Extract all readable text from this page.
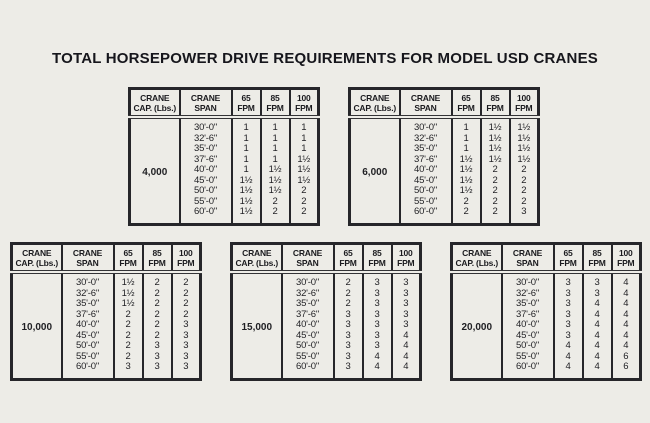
TOTAL HORSEPOWER DRIVE REQUIREMENTS FOR MODEL USD CRANES
CRANE
CAP. (Lbs.)

CRANE
SPAN

65
FPM

85
FPM

100
FPM

4,000	30'-0"	1	1	1
	32'-6"	1	1	1
	35'-0"	1	1	1
	37'-6"	1	1	1½
	40'-0"	1	1½	1½
	45'-0"	1½	1½	1½
	50'-0"	1½	1½	2
	55'-0"	1½	2	2
	60'-0"	1½	2	2
CRANE
CAP. (Lbs.)

CRANE
SPAN

65
FPM

85
FPM

100
FPM

6,000	30'-0"	1	1½	1½
	32'-6"	1	1½	1½
	35'-0"	1	1½	1½
	37'-6"	1½	1½	1½
	40'-0"	1½	2	2
	45'-0"	1½	2	2
	50'-0"	1½	2	2
	55'-0"	2	2	2
	60'-0"	2	2	3
CRANE
CAP. (Lbs.)

CRANE
SPAN

65
FPM

85
FPM

100
FPM

10,000	30'-0"	1½	2	2
	32'-6"	1½	2	2
	35'-0"	1½	2	2
	37'-6"	2	2	2
	40'-0"	2	2	3
	45'-0"	2	2	3
	50'-0"	2	3	3
	55'-0"	2	3	3
	60'-0"	3	3	3
CRANE
CAP. (Lbs.)

CRANE
SPAN

65
FPM

85
FPM

100
FPM

15,000	30'-0"	2	3	3
	32'-6"	2	3	3
	35'-0"	2	3	3
	37'-6"	3	3	3
	40'-0"	3	3	3
	45'-0"	3	3	4
	50'-0"	3	3	4
	55'-0"	3	4	4
	60'-0"	3	4	4
CRANE
CAP. (Lbs.)

CRANE
SPAN

65
FPM

85
FPM

100
FPM

20,000	30'-0"	3	3	4
	32'-6"	3	3	4
	35'-0"	3	4	4
	37'-6"	3	4	4
	40'-0"	3	4	4
	45'-0"	3	4	4
	50'-0"	4	4	4
	55'-0"	4	4	6
	60'-0"	4	4	6
